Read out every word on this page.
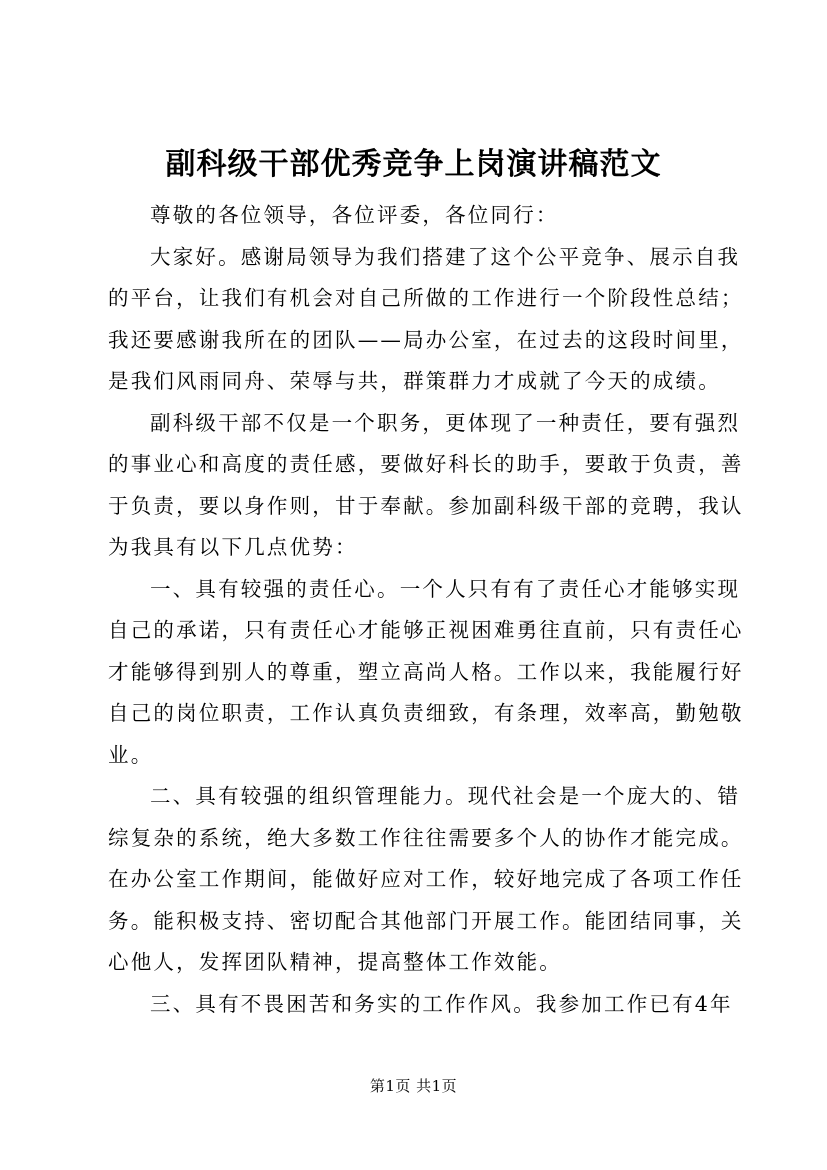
副科级干部优秀竞争上岗演讲稿范文
尊敬的各位领导，各位评委，各位同行：
大家好。感谢局领导为我们搭建了这个公平竞争、展示自我
的平台，让我们有机会对自己所做的工作进行一个阶段性总结；
我还要感谢我所在的团队——局办公室，在过去的这段时间里，
是我们风雨同舟、荣辱与共，群策群力才成就了今天的成绩。
副科级干部不仅是一个职务，更体现了一种责任，要有强烈
的事业心和高度的责任感，要做好科长的助手，要敢于负责，善
于负责，要以身作则，甘于奉献。参加副科级干部的竞聘，我认
为我具有以下几点优势：
一、具有较强的责任心。一个人只有有了责任心才能够实现
自己的承诺，只有责任心才能够正视困难勇往直前，只有责任心
才能够得到别人的尊重，塑立高尚人格。工作以来，我能履行好
自己的岗位职责，工作认真负责细致，有条理，效率高，勤勉敬
业。
二、具有较强的组织管理能力。现代社会是一个庞大的、错
综复杂的系统，绝大多数工作往往需要多个人的协作才能完成。
在办公室工作期间，能做好应对工作，较好地完成了各项工作任
务。能积极支持、密切配合其他部门开展工作。能团结同事，关
心他人，发挥团队精神，提高整体工作效能。
三、具有不畏困苦和务实的工作作风。我参加工作已有4年
第1页 共1页
